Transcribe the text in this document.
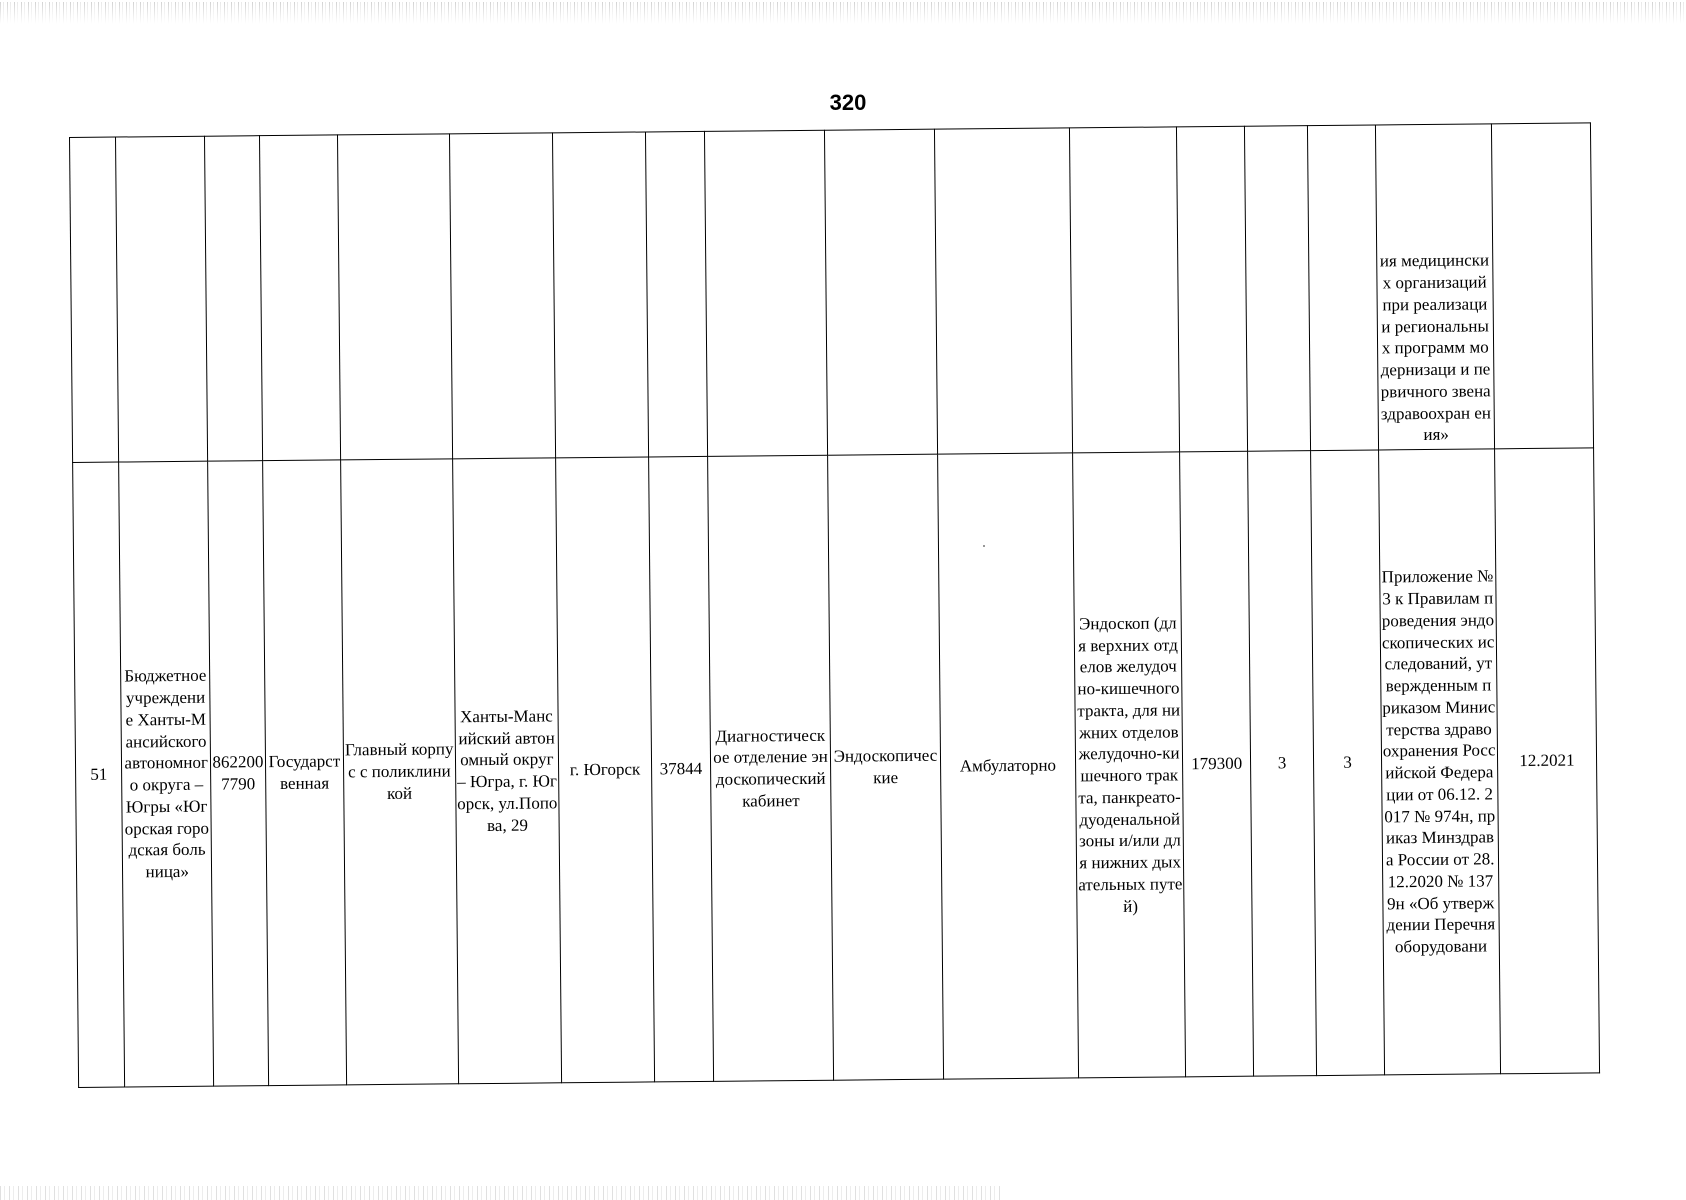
320

															ия медицински х организаций при реализации региональны х программ модернизаци и первичного звена здравоохран ения»	

51	Бюджетное учреждение Ханты-Мансийского автономного округа – Югры «Югорская городская больница»	8622007790	Государственная	Главный корпус с поликлиникой	Ханты-Мансийский автономный округ – Югра, г. Югорск, ул.Попова, 29	г. Югорск	37844	Диагностическое отделение эндоскопический кабинет	Эндоскопические	Амбулаторно	Эндоскоп (для верхних отделов желудочно-кишечного тракта, для нижних отделов желудочно-кишечного тракта, панкреато-дуоденальной зоны и/или для нижних дыхательных путей)	179300	3	3	Приложение № 3 к Правилам проведения эндоскопических исследований, утвержденным приказом Министерства здравоохранения Российской Федерации от 06.12. 2017 № 974н, приказ Минздрава России от 28.12.2020 № 1379н «Об утверждении Перечня оборудовани	12.2021
